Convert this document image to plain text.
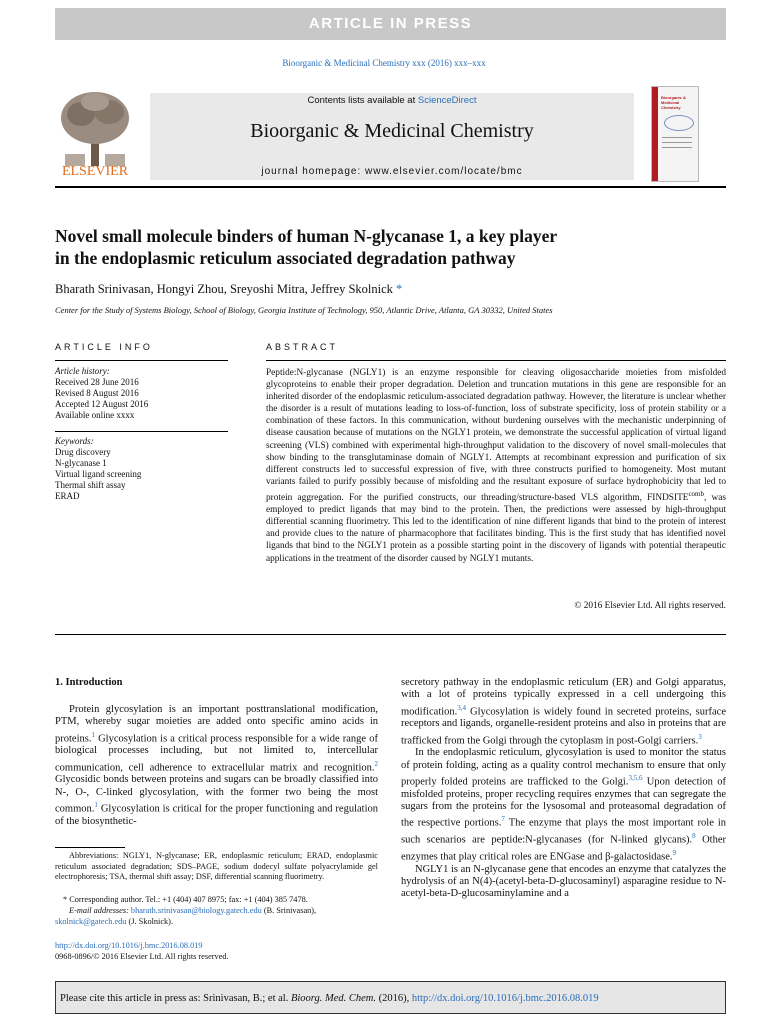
ARTICLE IN PRESS
Bioorganic & Medicinal Chemistry xxx (2016) xxx–xxx
ELSEVIER
Contents lists available at ScienceDirect
Bioorganic & Medicinal Chemistry
journal homepage: www.elsevier.com/locate/bmc
Bioorganic & Medicinal Chemistry
Novel small molecule binders of human N-glycanase 1, a key player
in the endoplasmic reticulum associated degradation pathway
Bharath Srinivasan, Hongyi Zhou, Sreyoshi Mitra, Jeffrey Skolnick *
Center for the Study of Systems Biology, School of Biology, Georgia Institute of Technology, 950, Atlantic Drive, Atlanta, GA 30332, United States
ARTICLE INFO
Article history:
Received 28 June 2016
Revised 8 August 2016
Accepted 12 August 2016
Available online xxxx
Keywords:
Drug discovery
N-glycanase 1
Virtual ligand screening
Thermal shift assay
ERAD
ABSTRACT
Peptide:N-glycanase (NGLY1) is an enzyme responsible for cleaving oligosaccharide moieties from misfolded glycoproteins to enable their proper degradation. Deletion and truncation mutations in this gene are responsible for an inherited disorder of the endoplasmic reticulum-associated degradation pathway. However, the literature is unclear whether the disorder is a result of mutations leading to loss-of-function, loss of substrate specificity, loss of protein stability or a combination of these factors. In this communication, without burdening ourselves with the mechanistic underpinning of disease causation because of mutations on the NGLY1 protein, we demonstrate the successful application of virtual ligand screening (VLS) combined with experimental high-throughput validation to the discovery of novel small-molecules that show binding to the transglutaminase domain of NGLY1. Attempts at recombinant expression and purification of six different constructs led to successful expression of five, with three constructs purified to homogeneity. Most mutant variants failed to purify possibly because of misfolding and the resultant exposure of surface hydrophobicity that led to protein aggregation. For the purified constructs, our threading/structure-based VLS algorithm, $FINDSITE^{comb}$, was employed to predict ligands that may bind to the protein. Then, the predictions were assessed by high-throughput differential scanning fluorimetry. This led to the identification of nine different ligands that bind to the protein of interest and provide clues to the nature of pharmacophore that facilitates binding. This is the first study that has identified novel ligands that bind to the NGLY1 protein as a possible starting point in the discovery of ligands with potential therapeutic applications in the treatment of the disorder caused by NGLY1 mutants.
© 2016 Elsevier Ltd. All rights reserved.
1. Introduction
Protein glycosylation is an important posttranslational modification, PTM, whereby sugar moieties are added onto specific amino acids in proteins.$^1$ Glycosylation is a critical process responsible for a wide range of biological processes including, but not limited to, intercellular communication, cell adherence to extracellular matrix and recognition.$^2$ Glycosidic bonds between proteins and sugars can be broadly classified into N-, O-, C-linked glycosylation, with the former two being the most common.$^1$ Glycosylation is critical for the proper functioning and regulation of the biosynthetic-
Abbreviations: NGLY1, N-glycanase; ER, endoplasmic reticulum; ERAD, endoplasmic reticulum associated degradation; SDS–PAGE, sodium dodecyl sulfate polyacrylamide gel electrophoresis; TSA, thermal shift assay; DSF, differential scanning fluorimetry.
* Corresponding author. Tel.: +1 (404) 407 8975; fax: +1 (404) 385 7478.
E-mail addresses: bharath.srinivasan@biology.gatech.edu (B. Srinivasan), skolnick@gatech.edu (J. Skolnick).
http://dx.doi.org/10.1016/j.bmc.2016.08.019
0968-0896/© 2016 Elsevier Ltd. All rights reserved.

secretory pathway in the endoplasmic reticulum (ER) and Golgi apparatus, with a lot of proteins typically expressed in a cell undergoing this modification.$^{3,4}$ Glycosylation is widely found in secreted proteins, surface receptors and ligands, organelle-resident proteins and also in proteins that are trafficked from the Golgi through the cytoplasm in post-Golgi carriers.$^3$

In the endoplasmic reticulum, glycosylation is used to monitor the status of protein folding, acting as a quality control mechanism to ensure that only properly folded proteins are trafficked to the Golgi.$^{3,5,6}$ Upon detection of misfolded proteins, proper recycling requires enzymes that can segregate the sugars from the proteins for the lysosomal and proteasomal degradation of the respective portions.$^7$ The enzyme that plays the most important role in such scenarios are peptide:N-glycanases (for N-linked glycans).$^8$ Other enzymes that play critical roles are ENGase and β-galactosidase.$^9$

NGLY1 is an N-glycanase gene that encodes an enzyme that catalyzes the hydrolysis of an N(4)-(acetyl-beta-D-glucosaminyl) asparagine residue to N-acetyl-beta-D-glucosaminylamine and a

Please cite this article in press as: Srinivasan, B.; et al. Bioorg. Med. Chem. (2016), http://dx.doi.org/10.1016/j.bmc.2016.08.019
